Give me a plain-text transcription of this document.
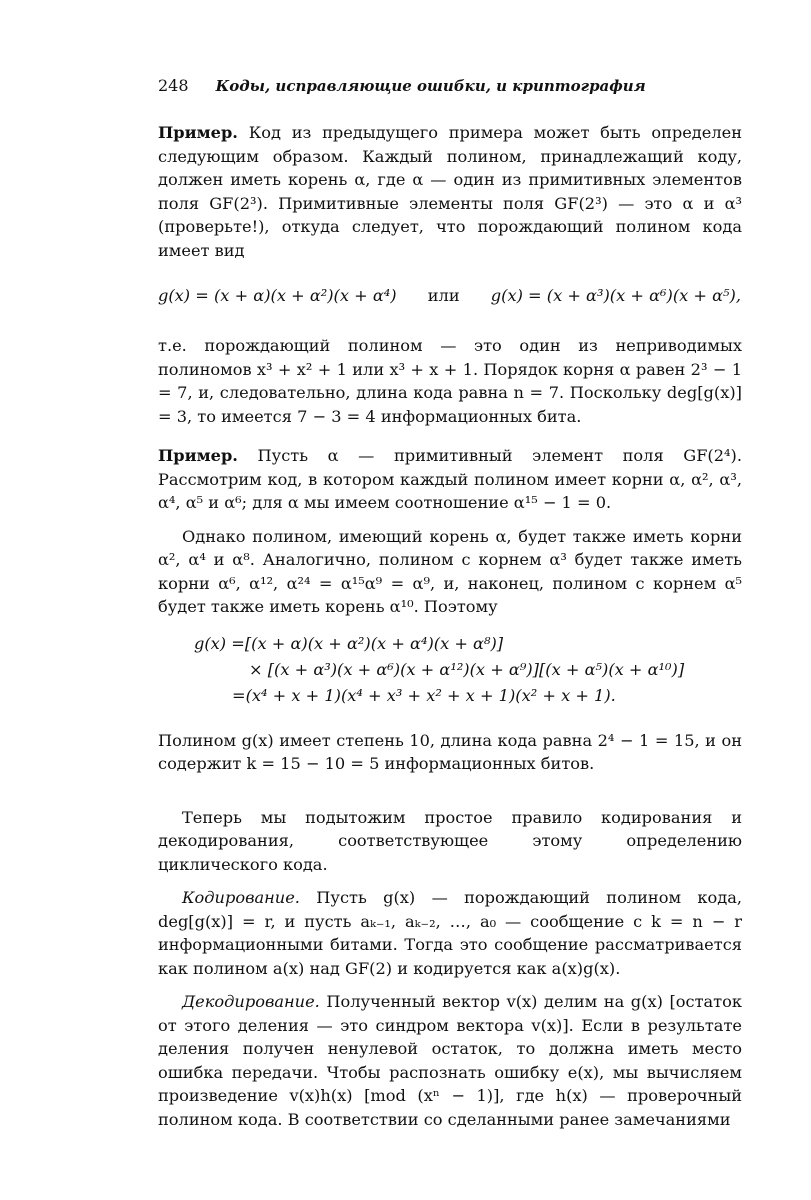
248 Коды, исправляющие ошибки, и криптография

Пример. Код из предыдущего примера может быть определен следующим образом. Каждый полином, принадлежащий коду, должен иметь корень α, где α — один из примитивных элементов поля GF(2³). Примитивные элементы поля GF(2³) — это α и α³ (проверьте!), откуда следует, что порождающий полином кода имеет вид

g(x) = (x + α)(x + α²)(x + α⁴) или g(x) = (x + α³)(x + α⁶)(x + α⁵),

т.е. порождающий полином — это один из неприводимых полиномов x³ + x² + 1 или x³ + x + 1. Порядок корня α равен 2³ − 1 = 7, и, следовательно, длина кода равна n = 7. Поскольку deg[g(x)] = 3, то имеется 7 − 3 = 4 информационных бита.

Пример. Пусть α — примитивный элемент поля GF(2⁴). Рассмотрим код, в котором каждый полином имеет корни α, α², α³, α⁴, α⁵ и α⁶; для α мы имеем соотношение α¹⁵ − 1 = 0.

Однако полином, имеющий корень α, будет также иметь корни α², α⁴ и α⁸. Аналогично, полином с корнем α³ будет также иметь корни α⁶, α¹², α²⁴ = α¹⁵α⁹ = α⁹, и, наконец, полином с корнем α⁵ будет также иметь корень α¹⁰. Поэтому

g(x) =[(x + α)(x + α²)(x + α⁴)(x + α⁸)]
× [(x + α³)(x + α⁶)(x + α¹²)(x + α⁹)][(x + α⁵)(x + α¹⁰)]
=(x⁴ + x + 1)(x⁴ + x³ + x² + x + 1)(x² + x + 1).

Полином g(x) имеет степень 10, длина кода равна 2⁴ − 1 = 15, и он содержит k = 15 − 10 = 5 информационных битов.

Теперь мы подытожим простое правило кодирования и декодирования, соответствующее этому определению циклического кода.

Кодирование. Пусть g(x) — порождающий полином кода, deg[g(x)] = r, и пусть aₖ₋₁, aₖ₋₂, …, a₀ — сообщение с k = n − r информационными битами. Тогда это сообщение рассматривается как полином a(x) над GF(2) и кодируется как a(x)g(x).

Декодирование. Полученный вектор v(x) делим на g(x) [остаток от этого деления — это синдром вектора v(x)]. Если в результате деления получен ненулевой остаток, то должна иметь место ошибка передачи. Чтобы распознать ошибку e(x), мы вычисляем произведение v(x)h(x) [mod (xⁿ − 1)], где h(x) — проверочный полином кода. В соответствии со сделанными ранее замечаниями
